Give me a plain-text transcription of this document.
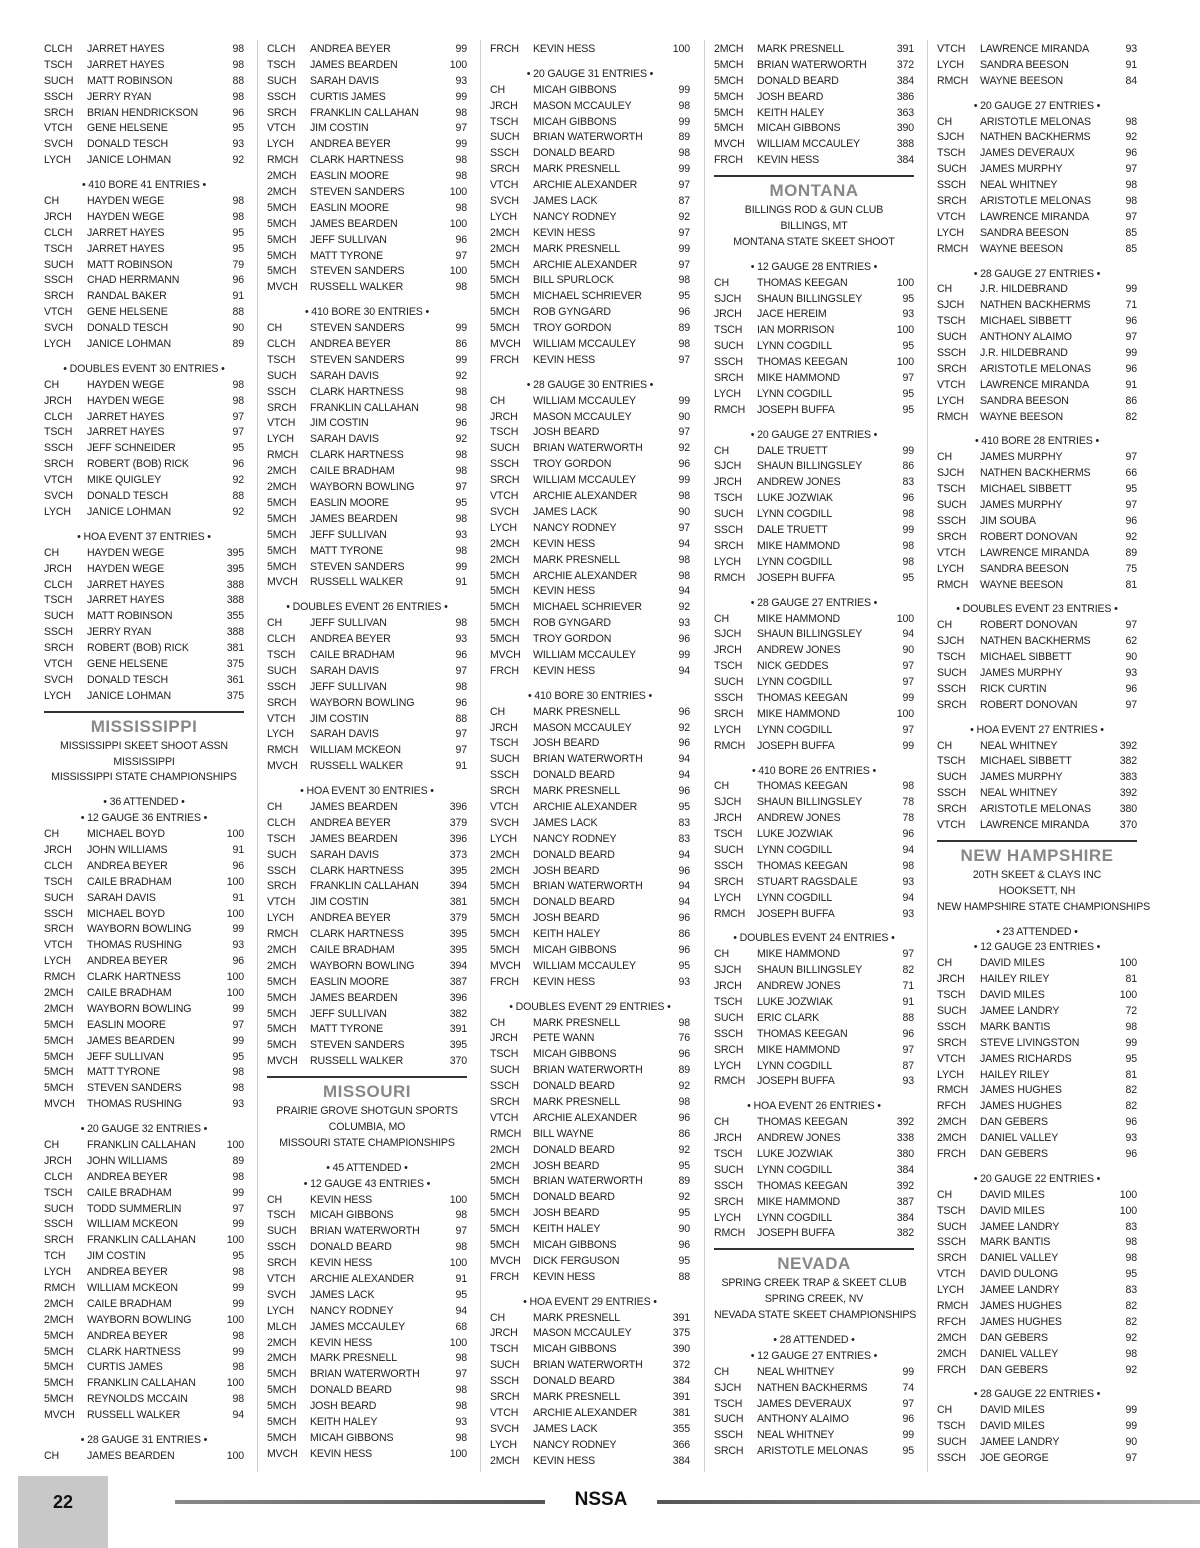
CLCH	JARRET HAYES	98
TSCH	JARRET HAYES	98
SUCH	MATT ROBINSON	88
SSCH	JERRY RYAN	98
SRCH	BRIAN HENDRICKSON	96
VTCH	GENE HELSENE	95
SVCH	DONALD TESCH	93
LYCH	JANICE LOHMAN	92
• 410 BORE 41 ENTRIES •
CH	HAYDEN WEGE	98
JRCH	HAYDEN WEGE	98
CLCH	JARRET HAYES	95
TSCH	JARRET HAYES	95
SUCH	MATT ROBINSON	79
SSCH	CHAD HERRMANN	96
SRCH	RANDAL BAKER	91
VTCH	GENE HELSENE	88
SVCH	DONALD TESCH	90
LYCH	JANICE LOHMAN	89
• DOUBLES EVENT 30 ENTRIES •
CH	HAYDEN WEGE	98
JRCH	HAYDEN WEGE	98
CLCH	JARRET HAYES	97
TSCH	JARRET HAYES	97
SSCH	JEFF SCHNEIDER	95
SRCH	ROBERT (BOB) RICK	96
VTCH	MIKE QUIGLEY	92
SVCH	DONALD TESCH	88
LYCH	JANICE LOHMAN	92
• HOA EVENT 37 ENTRIES •
CH	HAYDEN WEGE	395
JRCH	HAYDEN WEGE	395
CLCH	JARRET HAYES	388
TSCH	JARRET HAYES	388
SUCH	MATT ROBINSON	355
SSCH	JERRY RYAN	388
SRCH	ROBERT (BOB) RICK	381
VTCH	GENE HELSENE	375
SVCH	DONALD TESCH	361
LYCH	JANICE LOHMAN	375
MISSISSIPPI
MISSISSIPPI SKEET SHOOT ASSN
MISSISSIPPI
MISSISSIPPI STATE CHAMPIONSHIPS
• 36 ATTENDED •
• 12 GAUGE 36 ENTRIES •
CH	MICHAEL BOYD	100
JRCH	JOHN WILLIAMS	91
CLCH	ANDREA BEYER	96
TSCH	CAILE BRADHAM	100
SUCH	SARAH DAVIS	91
SSCH	MICHAEL BOYD	100
SRCH	WAYBORN BOWLING	99
VTCH	THOMAS RUSHING	93
LYCH	ANDREA BEYER	96
RMCH	CLARK HARTNESS	100
2MCH	CAILE BRADHAM	100
2MCH	WAYBORN BOWLING	99
5MCH	EASLIN MOORE	97
5MCH	JAMES BEARDEN	99
5MCH	JEFF SULLIVAN	95
5MCH	MATT TYRONE	98
5MCH	STEVEN SANDERS	98
MVCH	THOMAS RUSHING	93
• 20 GAUGE 32 ENTRIES •
CH	FRANKLIN CALLAHAN	100
JRCH	JOHN WILLIAMS	89
CLCH	ANDREA BEYER	98
TSCH	CAILE BRADHAM	99
SUCH	TODD SUMMERLIN	97
SSCH	WILLIAM MCKEON	99
SRCH	FRANKLIN CALLAHAN	100
TCH	JIM COSTIN	95
LYCH	ANDREA BEYER	98
RMCH	WILLIAM MCKEON	99
2MCH	CAILE BRADHAM	99
2MCH	WAYBORN BOWLING	100
5MCH	ANDREA BEYER	98
5MCH	CLARK HARTNESS	99
5MCH	CURTIS JAMES	98
5MCH	FRANKLIN CALLAHAN	100
5MCH	REYNOLDS MCCAIN	98
MVCH	RUSSELL WALKER	94
• 28 GAUGE 31 ENTRIES •
CH	JAMES BEARDEN	100
CLCH	ANDREA BEYER	99
TSCH	JAMES BEARDEN	100
SUCH	SARAH DAVIS	93
SSCH	CURTIS JAMES	99
SRCH	FRANKLIN CALLAHAN	98
VTCH	JIM COSTIN	97
LYCH	ANDREA BEYER	99
RMCH	CLARK HARTNESS	98
2MCH	EASLIN MOORE	98
2MCH	STEVEN SANDERS	100
5MCH	EASLIN MOORE	98
5MCH	JAMES BEARDEN	100
5MCH	JEFF SULLIVAN	96
5MCH	MATT TYRONE	97
5MCH	STEVEN SANDERS	100
MVCH	RUSSELL WALKER	98
• 410 BORE 30 ENTRIES •
CH	STEVEN SANDERS	99
CLCH	ANDREA BEYER	86
TSCH	STEVEN SANDERS	99
SUCH	SARAH DAVIS	92
SSCH	CLARK HARTNESS	98
SRCH	FRANKLIN CALLAHAN	98
VTCH	JIM COSTIN	96
LYCH	SARAH DAVIS	92
RMCH	CLARK HARTNESS	98
2MCH	CAILE BRADHAM	98
2MCH	WAYBORN BOWLING	97
5MCH	EASLIN MOORE	95
5MCH	JAMES BEARDEN	98
5MCH	JEFF SULLIVAN	93
5MCH	MATT TYRONE	98
5MCH	STEVEN SANDERS	99
MVCH	RUSSELL WALKER	91
• DOUBLES EVENT 26 ENTRIES •
CH	JEFF SULLIVAN	98
CLCH	ANDREA BEYER	93
TSCH	CAILE BRADHAM	96
SUCH	SARAH DAVIS	97
SSCH	JEFF SULLIVAN	98
SRCH	WAYBORN BOWLING	96
VTCH	JIM COSTIN	88
LYCH	SARAH DAVIS	97
RMCH	WILLIAM MCKEON	97
MVCH	RUSSELL WALKER	91
• HOA EVENT 30 ENTRIES •
CH	JAMES BEARDEN	396
CLCH	ANDREA BEYER	379
TSCH	JAMES BEARDEN	396
SUCH	SARAH DAVIS	373
SSCH	CLARK HARTNESS	395
SRCH	FRANKLIN CALLAHAN	394
VTCH	JIM COSTIN	381
LYCH	ANDREA BEYER	379
RMCH	CLARK HARTNESS	395
2MCH	CAILE BRADHAM	395
2MCH	WAYBORN BOWLING	394
5MCH	EASLIN MOORE	387
5MCH	JAMES BEARDEN	396
5MCH	JEFF SULLIVAN	382
5MCH	MATT TYRONE	391
5MCH	STEVEN SANDERS	395
MVCH	RUSSELL WALKER	370
MISSOURI
PRAIRIE GROVE SHOTGUN SPORTS
COLUMBIA, MO
MISSOURI STATE CHAMPIONSHIPS
• 45 ATTENDED •
• 12 GAUGE 43 ENTRIES •
CH	KEVIN HESS	100
TSCH	MICAH GIBBONS	98
SUCH	BRIAN WATERWORTH	97
SSCH	DONALD BEARD	98
SRCH	KEVIN HESS	100
VTCH	ARCHIE ALEXANDER	91
SVCH	JAMES LACK	95
LYCH	NANCY RODNEY	94
MLCH	JAMES MCCAULEY	68
2MCH	KEVIN HESS	100
2MCH	MARK PRESNELL	98
5MCH	BRIAN WATERWORTH	97
5MCH	DONALD BEARD	98
5MCH	JOSH BEARD	98
5MCH	KEITH HALEY	93
5MCH	MICAH GIBBONS	98
MVCH	KEVIN HESS	100
FRCH	KEVIN HESS	100
• 20 GAUGE 31 ENTRIES •
CH	MICAH GIBBONS	99
JRCH	MASON MCCAULEY	98
TSCH	MICAH GIBBONS	99
SUCH	BRIAN WATERWORTH	89
SSCH	DONALD BEARD	98
SRCH	MARK PRESNELL	99
VTCH	ARCHIE ALEXANDER	97
SVCH	JAMES LACK	87
LYCH	NANCY RODNEY	92
2MCH	KEVIN HESS	97
2MCH	MARK PRESNELL	99
5MCH	ARCHIE ALEXANDER	97
5MCH	BILL SPURLOCK	98
5MCH	MICHAEL SCHRIEVER	95
5MCH	ROB GYNGARD	96
5MCH	TROY GORDON	89
MVCH	WILLIAM MCCAULEY	98
FRCH	KEVIN HESS	97
• 28 GAUGE 30 ENTRIES •
CH	WILLIAM MCCAULEY	99
JRCH	MASON MCCAULEY	90
TSCH	JOSH BEARD	97
SUCH	BRIAN WATERWORTH	92
SSCH	TROY GORDON	96
SRCH	WILLIAM MCCAULEY	99
VTCH	ARCHIE ALEXANDER	98
SVCH	JAMES LACK	90
LYCH	NANCY RODNEY	97
2MCH	KEVIN HESS	94
2MCH	MARK PRESNELL	98
5MCH	ARCHIE ALEXANDER	98
5MCH	KEVIN HESS	94
5MCH	MICHAEL SCHRIEVER	92
5MCH	ROB GYNGARD	93
5MCH	TROY GORDON	96
MVCH	WILLIAM MCCAULEY	99
FRCH	KEVIN HESS	94
• 410 BORE 30 ENTRIES •
CH	MARK PRESNELL	96
JRCH	MASON MCCAULEY	92
TSCH	JOSH BEARD	96
SUCH	BRIAN WATERWORTH	94
SSCH	DONALD BEARD	94
SRCH	MARK PRESNELL	96
VTCH	ARCHIE ALEXANDER	95
SVCH	JAMES LACK	83
LYCH	NANCY RODNEY	83
2MCH	DONALD BEARD	94
2MCH	JOSH BEARD	96
5MCH	BRIAN WATERWORTH	94
5MCH	DONALD BEARD	94
5MCH	JOSH BEARD	96
5MCH	KEITH HALEY	86
5MCH	MICAH GIBBONS	96
MVCH	WILLIAM MCCAULEY	95
FRCH	KEVIN HESS	93
• DOUBLES EVENT 29 ENTRIES •
CH	MARK PRESNELL	98
JRCH	PETE WANN	76
TSCH	MICAH GIBBONS	96
SUCH	BRIAN WATERWORTH	89
SSCH	DONALD BEARD	92
SRCH	MARK PRESNELL	98
VTCH	ARCHIE ALEXANDER	96
RMCH	BILL WAYNE	86
2MCH	DONALD BEARD	92
2MCH	JOSH BEARD	95
5MCH	BRIAN WATERWORTH	89
5MCH	DONALD BEARD	92
5MCH	JOSH BEARD	95
5MCH	KEITH HALEY	90
5MCH	MICAH GIBBONS	96
MVCH	DICK FERGUSON	95
FRCH	KEVIN HESS	88
• HOA EVENT 29 ENTRIES •
CH	MARK PRESNELL	391
JRCH	MASON MCCAULEY	375
TSCH	MICAH GIBBONS	390
SUCH	BRIAN WATERWORTH	372
SSCH	DONALD BEARD	384
SRCH	MARK PRESNELL	391
VTCH	ARCHIE ALEXANDER	381
SVCH	JAMES LACK	355
LYCH	NANCY RODNEY	366
2MCH	KEVIN HESS	384
2MCH	MARK PRESNELL	391
5MCH	BRIAN WATERWORTH	372
5MCH	DONALD BEARD	384
5MCH	JOSH BEARD	386
5MCH	KEITH HALEY	363
5MCH	MICAH GIBBONS	390
MVCH	WILLIAM MCCAULEY	388
FRCH	KEVIN HESS	384
MONTANA
BILLINGS ROD & GUN CLUB
BILLINGS, MT
MONTANA STATE SKEET SHOOT
• 12 GAUGE 28 ENTRIES •
CH	THOMAS KEEGAN	100
SJCH	SHAUN BILLINGSLEY	95
JRCH	JACE HEREIM	93
TSCH	IAN MORRISON	100
SUCH	LYNN COGDILL	95
SSCH	THOMAS KEEGAN	100
SRCH	MIKE HAMMOND	97
LYCH	LYNN COGDILL	95
RMCH	JOSEPH BUFFA	95
• 20 GAUGE 27 ENTRIES •
CH	DALE TRUETT	99
SJCH	SHAUN BILLINGSLEY	86
JRCH	ANDREW JONES	83
TSCH	LUKE JOZWIAK	96
SUCH	LYNN COGDILL	98
SSCH	DALE TRUETT	99
SRCH	MIKE HAMMOND	98
LYCH	LYNN COGDILL	98
RMCH	JOSEPH BUFFA	95
• 28 GAUGE 27 ENTRIES •
CH	MIKE HAMMOND	100
SJCH	SHAUN BILLINGSLEY	94
JRCH	ANDREW JONES	90
TSCH	NICK GEDDES	97
SUCH	LYNN COGDILL	97
SSCH	THOMAS KEEGAN	99
SRCH	MIKE HAMMOND	100
LYCH	LYNN COGDILL	97
RMCH	JOSEPH BUFFA	99
• 410 BORE 26 ENTRIES •
CH	THOMAS KEEGAN	98
SJCH	SHAUN BILLINGSLEY	78
JRCH	ANDREW JONES	78
TSCH	LUKE JOZWIAK	96
SUCH	LYNN COGDILL	94
SSCH	THOMAS KEEGAN	98
SRCH	STUART RAGSDALE	93
LYCH	LYNN COGDILL	94
RMCH	JOSEPH BUFFA	93
• DOUBLES EVENT 24 ENTRIES •
CH	MIKE HAMMOND	97
SJCH	SHAUN BILLINGSLEY	82
JRCH	ANDREW JONES	71
TSCH	LUKE JOZWIAK	91
SUCH	ERIC CLARK	88
SSCH	THOMAS KEEGAN	96
SRCH	MIKE HAMMOND	97
LYCH	LYNN COGDILL	87
RMCH	JOSEPH BUFFA	93
• HOA EVENT 26 ENTRIES •
CH	THOMAS KEEGAN	392
JRCH	ANDREW JONES	338
TSCH	LUKE JOZWIAK	380
SUCH	LYNN COGDILL	384
SSCH	THOMAS KEEGAN	392
SRCH	MIKE HAMMOND	387
LYCH	LYNN COGDILL	384
RMCH	JOSEPH BUFFA	382
NEVADA
SPRING CREEK TRAP & SKEET CLUB
SPRING CREEK, NV
NEVADA STATE SKEET CHAMPIONSHIPS
• 28 ATTENDED •
• 12 GAUGE 27 ENTRIES •
CH	NEAL WHITNEY	99
SJCH	NATHEN BACKHERMS	74
TSCH	JAMES DEVERAUX	97
SUCH	ANTHONY ALAIMO	96
SSCH	NEAL WHITNEY	99
SRCH	ARISTOTLE MELONAS	95
VTCH	LAWRENCE MIRANDA	93
LYCH	SANDRA BEESON	91
RMCH	WAYNE BEESON	84
• 20 GAUGE 27 ENTRIES •
CH	ARISTOTLE MELONAS	98
SJCH	NATHEN BACKHERMS	92
TSCH	JAMES DEVERAUX	96
SUCH	JAMES MURPHY	97
SSCH	NEAL WHITNEY	98
SRCH	ARISTOTLE MELONAS	98
VTCH	LAWRENCE MIRANDA	97
LYCH	SANDRA BEESON	85
RMCH	WAYNE BEESON	85
• 28 GAUGE 27 ENTRIES •
CH	J.R. HILDEBRAND	99
SJCH	NATHEN BACKHERMS	71
TSCH	MICHAEL SIBBETT	96
SUCH	ANTHONY ALAIMO	97
SSCH	J.R. HILDEBRAND	99
SRCH	ARISTOTLE MELONAS	96
VTCH	LAWRENCE MIRANDA	91
LYCH	SANDRA BEESON	86
RMCH	WAYNE BEESON	82
• 410 BORE 28 ENTRIES •
CH	JAMES MURPHY	97
SJCH	NATHEN BACKHERMS	66
TSCH	MICHAEL SIBBETT	95
SUCH	JAMES MURPHY	97
SSCH	JIM SOUBA	96
SRCH	ROBERT DONOVAN	92
VTCH	LAWRENCE MIRANDA	89
LYCH	SANDRA BEESON	75
RMCH	WAYNE BEESON	81
• DOUBLES EVENT 23 ENTRIES •
CH	ROBERT DONOVAN	97
SJCH	NATHEN BACKHERMS	62
TSCH	MICHAEL SIBBETT	90
SUCH	JAMES MURPHY	93
SSCH	RICK CURTIN	96
SRCH	ROBERT DONOVAN	97
• HOA EVENT 27 ENTRIES •
CH	NEAL WHITNEY	392
TSCH	MICHAEL SIBBETT	382
SUCH	JAMES MURPHY	383
SSCH	NEAL WHITNEY	392
SRCH	ARISTOTLE MELONAS	380
VTCH	LAWRENCE MIRANDA	370
NEW HAMPSHIRE
20TH SKEET & CLAYS INC
HOOKSETT, NH
NEW HAMPSHIRE STATE CHAMPIONSHIPS
• 23 ATTENDED •
• 12 GAUGE 23 ENTRIES •
CH	DAVID MILES	100
JRCH	HAILEY RILEY	81
TSCH	DAVID MILES	100
SUCH	JAMEE LANDRY	72
SSCH	MARK BANTIS	98
SRCH	STEVE LIVINGSTON	99
VTCH	JAMES RICHARDS	95
LYCH	HAILEY RILEY	81
RMCH	JAMES HUGHES	82
RFCH	JAMES HUGHES	82
2MCH	DAN GEBERS	96
2MCH	DANIEL VALLEY	93
FRCH	DAN GEBERS	96
• 20 GAUGE 22 ENTRIES •
CH	DAVID MILES	100
TSCH	DAVID MILES	100
SUCH	JAMEE LANDRY	83
SSCH	MARK BANTIS	98
SRCH	DANIEL VALLEY	98
VTCH	DAVID DULONG	95
LYCH	JAMEE LANDRY	83
RMCH	JAMES HUGHES	82
RFCH	JAMES HUGHES	82
2MCH	DAN GEBERS	92
2MCH	DANIEL VALLEY	98
FRCH	DAN GEBERS	92
• 28 GAUGE 22 ENTRIES •
CH	DAVID MILES	99
TSCH	DAVID MILES	99
SUCH	JAMEE LANDRY	90
SSCH	JOE GEORGE	97
22	NSSA
